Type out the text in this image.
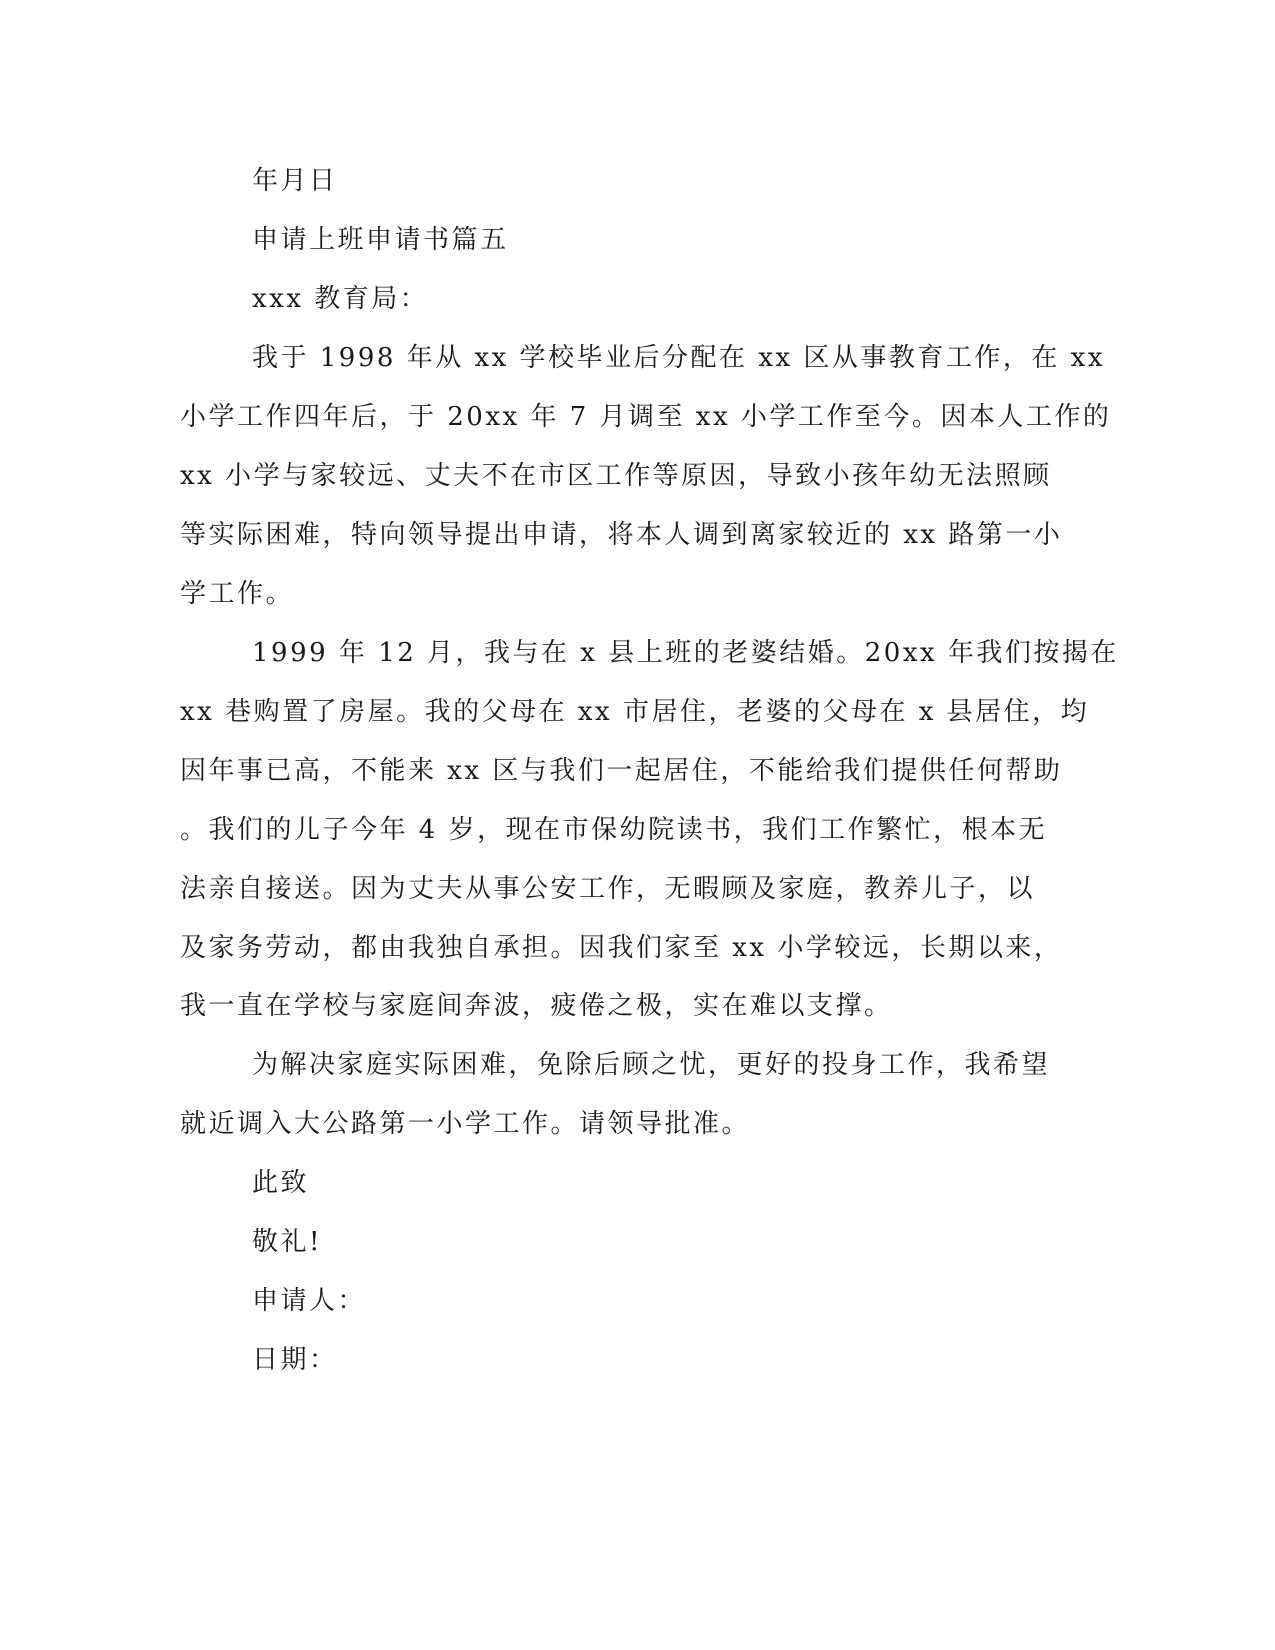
年月日
申请上班申请书篇五
xxx 教育局：
我于 1998 年从 xx 学校毕业后分配在 xx 区从事教育工作，在 xx
小学工作四年后，于 20xx 年 7 月调至 xx 小学工作至今。因本人工作的
xx 小学与家较远、丈夫不在市区工作等原因，导致小孩年幼无法照顾
等实际困难，特向领导提出申请，将本人调到离家较近的 xx 路第一小
学工作。
1999 年 12 月，我与在 x 县上班的老婆结婚。20xx 年我们按揭在
xx 巷购置了房屋。我的父母在 xx 市居住，老婆的父母在 x 县居住，均
因年事已高，不能来 xx 区与我们一起居住，不能给我们提供任何帮助
。我们的儿子今年 4 岁，现在市保幼院读书，我们工作繁忙，根本无
法亲自接送。因为丈夫从事公安工作，无暇顾及家庭，教养儿子，以
及家务劳动，都由我独自承担。因我们家至 xx 小学较远，长期以来，
我一直在学校与家庭间奔波，疲倦之极，实在难以支撑。
为解决家庭实际困难，免除后顾之忧，更好的投身工作，我希望
就近调入大公路第一小学工作。请领导批准。
此致
敬礼!
申请人：
日期：
